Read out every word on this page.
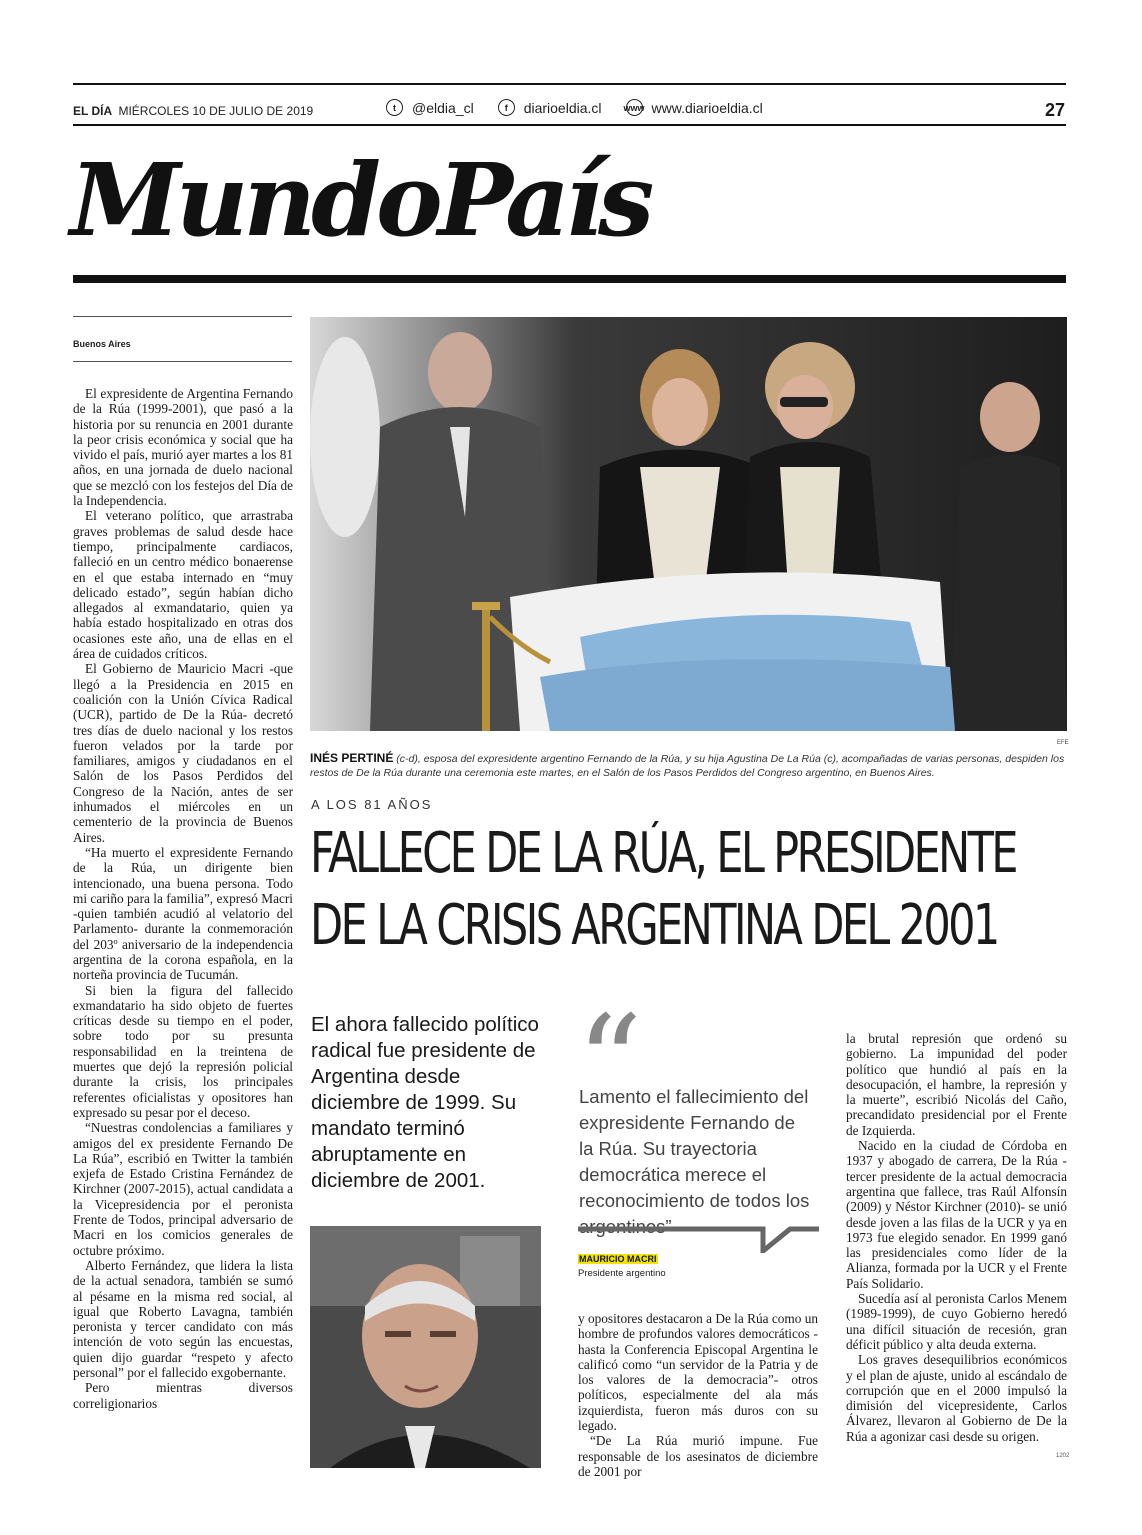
EL DÍA MIÉRCOLES 10 DE JULIO DE 2019	t	@eldia_cl	f	diarioeldia.cl www www.diarioeldia.cl	27
MundoPaís
Buenos Aires

El expresidente de Argentina Fernando de la Rúa (1999-2001), que pasó a la historia por su renuncia en 2001 durante la peor crisis económica y social que ha vivido el país, murió ayer martes a los 81 años, en una jornada de duelo nacional que se mezcló con los festejos del Día de la Independencia.

El veterano político, que arrastraba graves problemas de salud desde hace tiempo, principalmente cardiacos, falleció en un centro médico bonaerense en el que estaba internado en “muy delicado estado”, según habían dicho allegados al exmandatario, quien ya había estado hospitalizado en otras dos ocasiones este año, una de ellas en el área de cuidados críticos.

El Gobierno de Mauricio Macri -que llegó a la Presidencia en 2015 en coalición con la Unión Cívica Radical (UCR), partido de De la Rúa- decretó tres días de duelo nacional y los restos fueron velados por la tarde por familiares, amigos y ciudadanos en el Salón de los Pasos Perdidos del Congreso de la Nación, antes de ser inhumados el miércoles en un cementerio de la provincia de Buenos Aires.

“Ha muerto el expresidente Fernando de la Rúa, un dirigente bien intencionado, una buena persona. Todo mi cariño para la familia”, expresó Macri -quien también acudió al velatorio del Parlamento- durante la conmemoración del 203º aniversario de la independencia argentina de la corona española, en la norteña provincia de Tucumán.

Si bien la figura del fallecido exmandatario ha sido objeto de fuertes críticas desde su tiempo en el poder, sobre todo por su presunta responsabilidad en la treintena de muertes que dejó la represión policial durante la crisis, los principales referentes oficialistas y opositores han expresado su pesar por el deceso.

“Nuestras condolencias a familiares y amigos del ex presidente Fernando De La Rúa”, escribió en Twitter la también exjefa de Estado Cristina Fernández de Kirchner (2007-2015), actual candidata a la Vicepresidencia por el peronista Frente de Todos, principal adversario de Macri en los comicios generales de octubre próximo.

Alberto Fernández, que lidera la lista de la actual senadora, también se sumó al pésame en la misma red social, al igual que Roberto Lavagna, también peronista y tercer candidato con más intención de voto según las encuestas, quien dijo guardar “respeto y afecto personal” por el fallecido exgobernante.

Pero mientras diversos correligionarios

EFE
INÉS PERTINÉ (c-d), esposa del expresidente argentino Fernando de la Rúa, y su hija Agustina De La Rúa (c), acompañadas de varias personas, despiden los restos de De la Rúa durante una ceremonia este martes, en el Salón de los Pasos Perdidos del Congreso argentino, en Buenos Aires.
A LOS 81 AÑOS
FALLECE DE LA RÚA, EL PRESIDENTE
DE LA CRISIS ARGENTINA DEL 2001
El ahora fallecido político radical fue presidente de Argentina desde diciembre de 1999. Su mandato terminó abruptamente en diciembre de 2001.
“
Lamento el fallecimiento del expresidente Fernando de la Rúa. Su trayectoria democrática merece el reconocimiento de todos los argentinos”
MAURICIO MACRI
Presidente argentino

y opositores destacaron a De la Rúa como un hombre de profundos valores democráticos -hasta la Conferencia Episcopal Argentina le calificó como “un servidor de la Patria y de los valores de la democracia”- otros políticos, especialmente del ala más izquierdista, fueron más duros con su legado.

“De La Rúa murió impune. Fue responsable de los asesinatos de diciembre de 2001 por

la brutal represión que ordenó su gobierno. La impunidad del poder político que hundió al país en la desocupación, el hambre, la represión y la muerte”, escribió Nicolás del Caño, precandidato presidencial por el Frente de Izquierda.

Nacido en la ciudad de Córdoba en 1937 y abogado de carrera, De la Rúa -tercer presidente de la actual democracia argentina que fallece, tras Raúl Alfonsín (2009) y Néstor Kirchner (2010)- se unió desde joven a las filas de la UCR y ya en 1973 fue elegido senador. En 1999 ganó las presidenciales como líder de la Alianza, formada por la UCR y el Frente País Solidario.

Sucedía así al peronista Carlos Menem (1989-1999), de cuyo Gobierno heredó una difícil situación de recesión, gran déficit público y alta deuda externa.

Los graves desequilibrios económicos y el plan de ajuste, unido al escándalo de corrupción que en el 2000 impulsó la dimisión del vicepresidente, Carlos Álvarez, llevaron al Gobierno de De la Rúa a agonizar casi desde su origen.

1202
